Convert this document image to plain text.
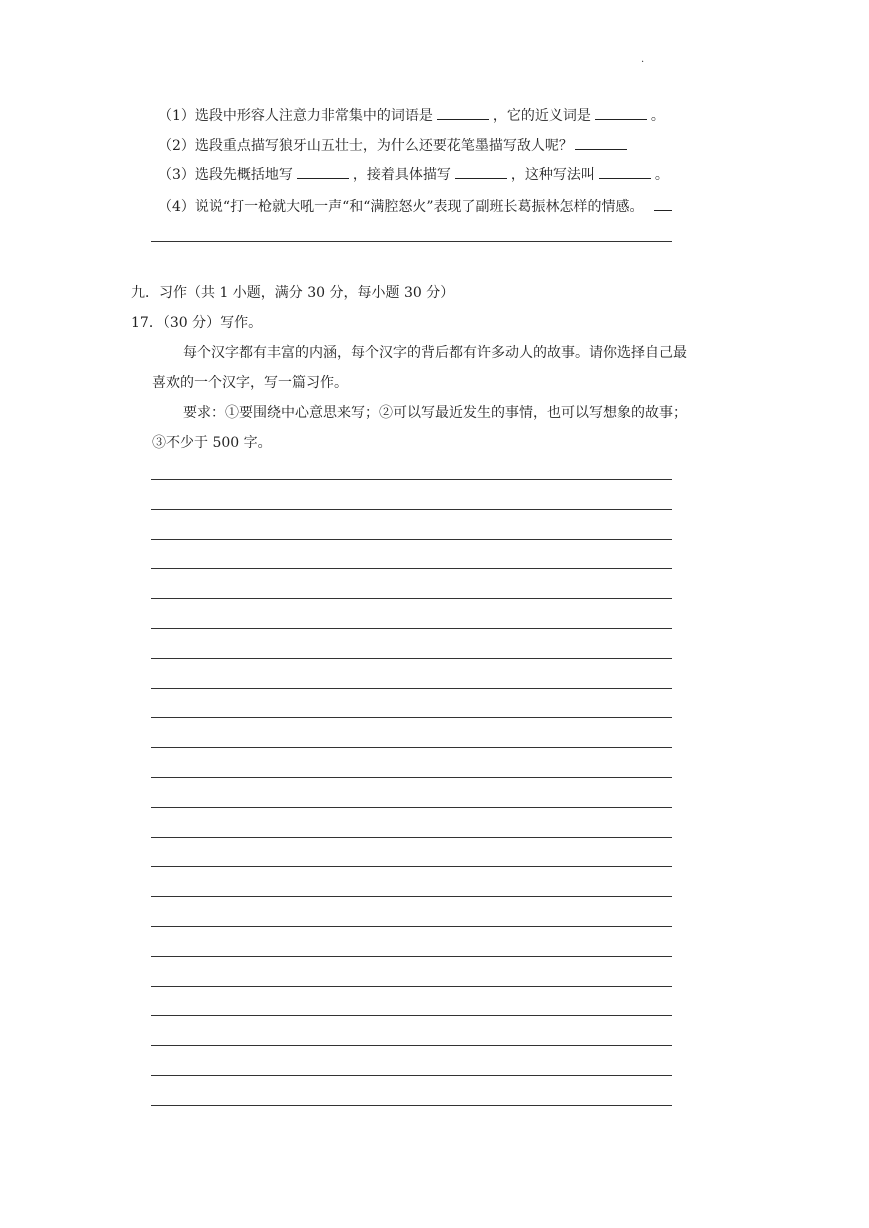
.
（1）选段中形容人注意力非常集中的词语是	，它的近义词是	。
（2）选段重点描写狼牙山五壮士，为什么还要花笔墨描写敌人呢？
（3）选段先概括地写	，接着具体描写	，这种写法叫	。
（4）说说“打一枪就大吼一声“和“满腔怒火”表现了副班长葛振林怎样的情感。
九．习作（共 1 小题，满分 30 分，每小题 30 分）
17．（30 分）写作。
每个汉字都有丰富的内涵，每个汉字的背后都有许多动人的故事。请你选择自己最
喜欢的一个汉字，写一篇习作。
要求：①要围绕中心意思来写；②可以写最近发生的事情，也可以写想象的故事；
③不少于 500 字。
